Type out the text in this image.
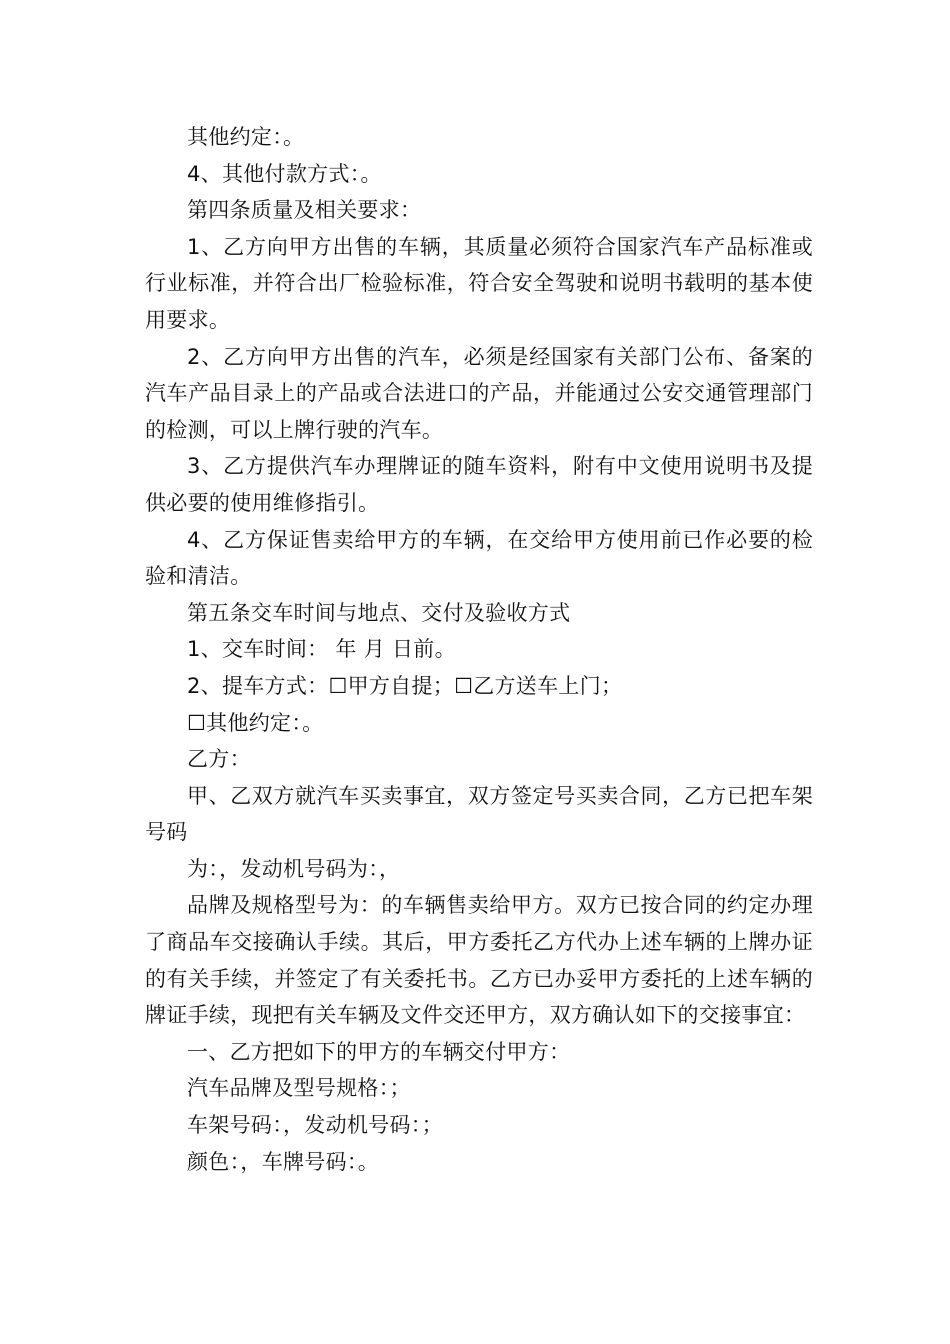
其他约定：。

4、其他付款方式：。

第四条质量及相关要求：

1、乙方向甲方出售的车辆，其质量必须符合国家汽车产品标准或行业标准，并符合出厂检验标准，符合安全驾驶和说明书载明的基本使用要求。

2、乙方向甲方出售的汽车，必须是经国家有关部门公布、备案的汽车产品目录上的产品或合法进口的产品，并能通过公安交通管理部门的检测，可以上牌行驶的汽车。

3、乙方提供汽车办理牌证的随车资料，附有中文使用说明书及提供必要的使用维修指引。

4、乙方保证售卖给甲方的车辆，在交给甲方使用前已作必要的检验和清洁。

第五条交车时间与地点、交付及验收方式

1、交车时间： 年 月 日前。

2、提车方式：☐甲方自提；☐乙方送车上门；

☐其他约定：。

乙方：

甲、乙双方就汽车买卖事宜，双方签定号买卖合同，乙方已把车架号码

为：，发动机号码为：，

品牌及规格型号为：的车辆售卖给甲方。双方已按合同的约定办理了商品车交接确认手续。其后，甲方委托乙方代办上述车辆的上牌办证的有关手续，并签定了有关委托书。乙方已办妥甲方委托的上述车辆的牌证手续，现把有关车辆及文件交还甲方，双方确认如下的交接事宜：

一、乙方把如下的甲方的车辆交付甲方：

汽车品牌及型号规格：；

车架号码：，发动机号码：；

颜色：，车牌号码：。
